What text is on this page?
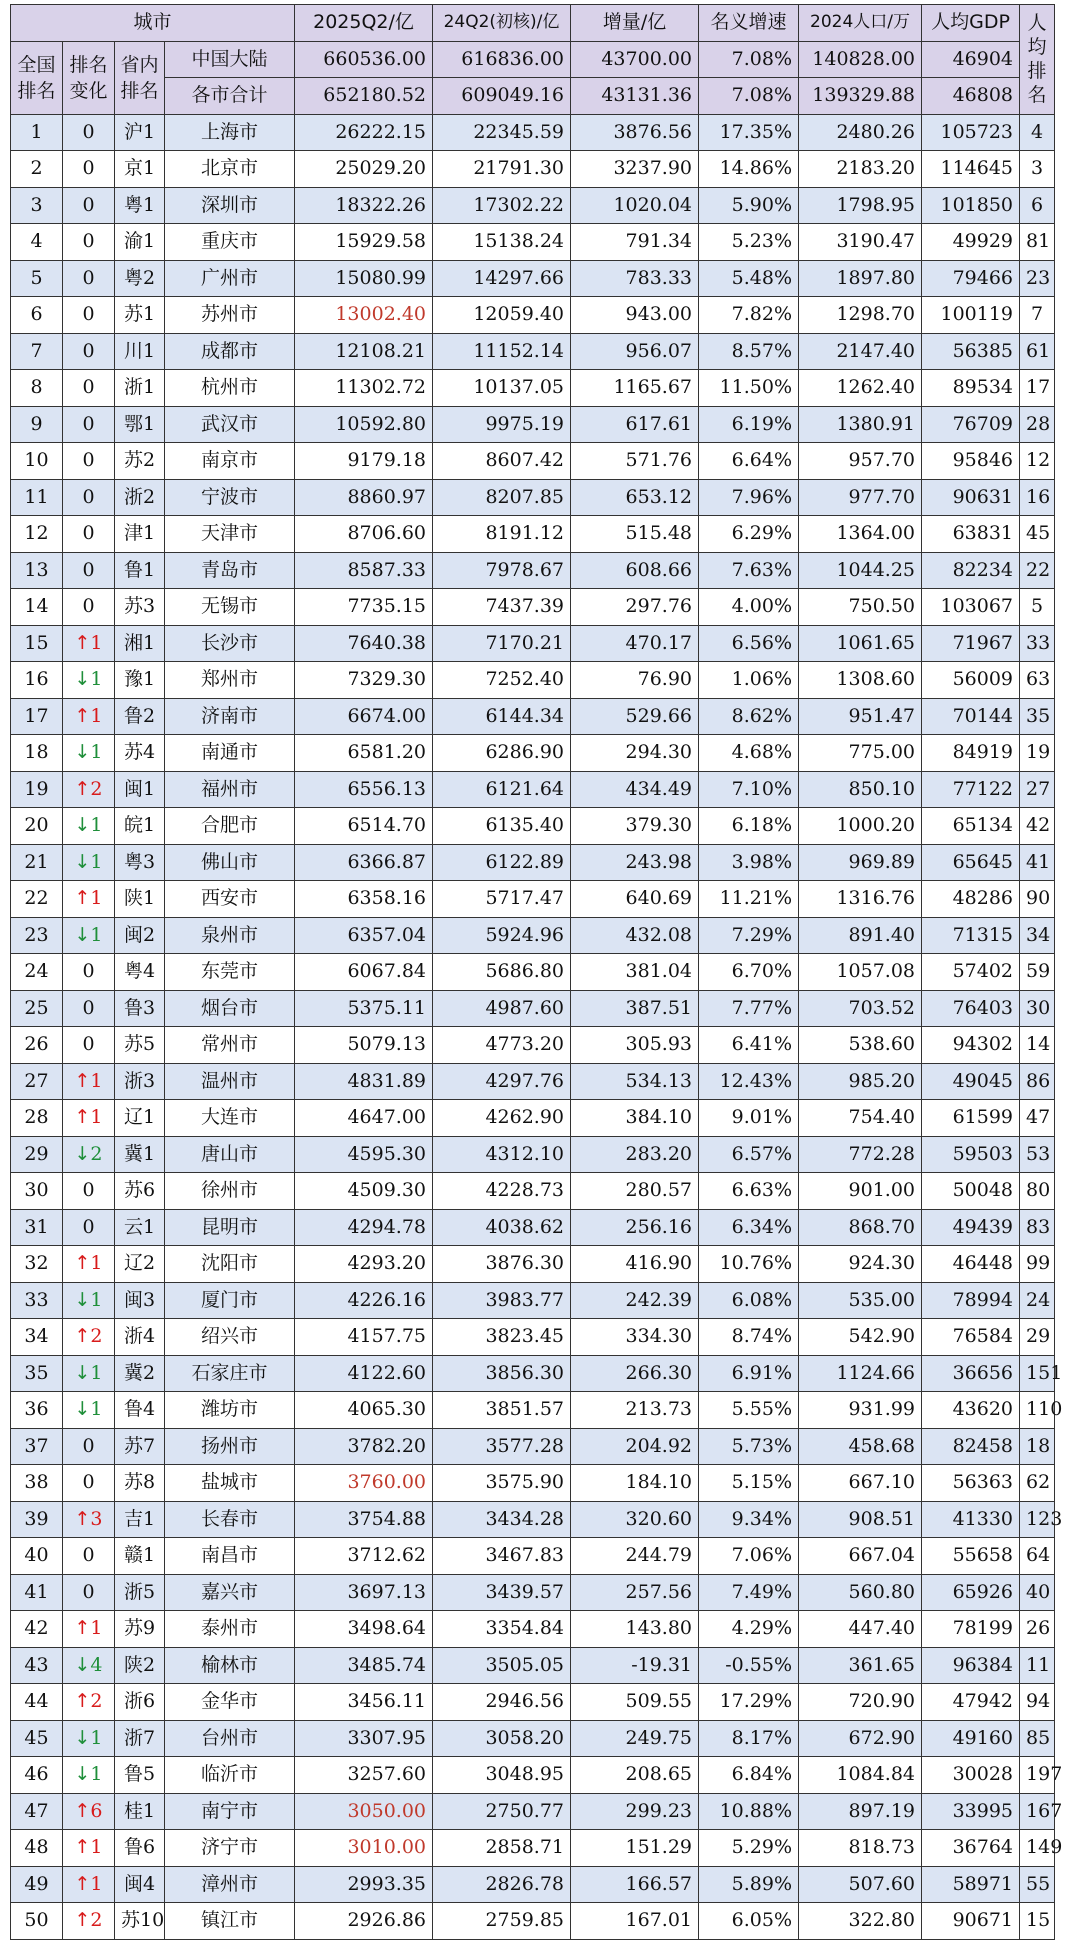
城市				2025Q2/亿	24Q2(初核)/亿	增量/亿	名义增速	2024人口/万	人均GDP	人均排名
全国排名	排名变化	省内排名	中国大陆	660536.00	616836.00	43700.00	7.08%	140828.00	46904	
			各市合计	652180.52	609049.16	43131.36	7.08%	139329.88	46808	
1	0	沪1	上海市	26222.15	22345.59	3876.56	17.35%	2480.26	105723	4
2	0	京1	北京市	25029.20	21791.30	3237.90	14.86%	2183.20	114645	3
3	0	粤1	深圳市	18322.26	17302.22	1020.04	5.90%	1798.95	101850	6
4	0	渝1	重庆市	15929.58	15138.24	791.34	5.23%	3190.47	49929	81
5	0	粤2	广州市	15080.99	14297.66	783.33	5.48%	1897.80	79466	23
6	0	苏1	苏州市	13002.40	12059.40	943.00	7.82%	1298.70	100119	7
7	0	川1	成都市	12108.21	11152.14	956.07	8.57%	2147.40	56385	61
8	0	浙1	杭州市	11302.72	10137.05	1165.67	11.50%	1262.40	89534	17
9	0	鄂1	武汉市	10592.80	9975.19	617.61	6.19%	1380.91	76709	28
10	0	苏2	南京市	9179.18	8607.42	571.76	6.64%	957.70	95846	12
11	0	浙2	宁波市	8860.97	8207.85	653.12	7.96%	977.70	90631	16
12	0	津1	天津市	8706.60	8191.12	515.48	6.29%	1364.00	63831	45
13	0	鲁1	青岛市	8587.33	7978.67	608.66	7.63%	1044.25	82234	22
14	0	苏3	无锡市	7735.15	7437.39	297.76	4.00%	750.50	103067	5
15	↑1	湘1	长沙市	7640.38	7170.21	470.17	6.56%	1061.65	71967	33
16	↓1	豫1	郑州市	7329.30	7252.40	76.90	1.06%	1308.60	56009	63
17	↑1	鲁2	济南市	6674.00	6144.34	529.66	8.62%	951.47	70144	35
18	↓1	苏4	南通市	6581.20	6286.90	294.30	4.68%	775.00	84919	19
19	↑2	闽1	福州市	6556.13	6121.64	434.49	7.10%	850.10	77122	27
20	↓1	皖1	合肥市	6514.70	6135.40	379.30	6.18%	1000.20	65134	42
21	↓1	粤3	佛山市	6366.87	6122.89	243.98	3.98%	969.89	65645	41
22	↑1	陕1	西安市	6358.16	5717.47	640.69	11.21%	1316.76	48286	90
23	↓1	闽2	泉州市	6357.04	5924.96	432.08	7.29%	891.40	71315	34
24	0	粤4	东莞市	6067.84	5686.80	381.04	6.70%	1057.08	57402	59
25	0	鲁3	烟台市	5375.11	4987.60	387.51	7.77%	703.52	76403	30
26	0	苏5	常州市	5079.13	4773.20	305.93	6.41%	538.60	94302	14
27	↑1	浙3	温州市	4831.89	4297.76	534.13	12.43%	985.20	49045	86
28	↑1	辽1	大连市	4647.00	4262.90	384.10	9.01%	754.40	61599	47
29	↓2	冀1	唐山市	4595.30	4312.10	283.20	6.57%	772.28	59503	53
30	0	苏6	徐州市	4509.30	4228.73	280.57	6.63%	901.00	50048	80
31	0	云1	昆明市	4294.78	4038.62	256.16	6.34%	868.70	49439	83
32	↑1	辽2	沈阳市	4293.20	3876.30	416.90	10.76%	924.30	46448	99
33	↓1	闽3	厦门市	4226.16	3983.77	242.39	6.08%	535.00	78994	24
34	↑2	浙4	绍兴市	4157.75	3823.45	334.30	8.74%	542.90	76584	29
35	↓1	冀2	石家庄市	4122.60	3856.30	266.30	6.91%	1124.66	36656	151
36	↓1	鲁4	潍坊市	4065.30	3851.57	213.73	5.55%	931.99	43620	110
37	0	苏7	扬州市	3782.20	3577.28	204.92	5.73%	458.68	82458	18
38	0	苏8	盐城市	3760.00	3575.90	184.10	5.15%	667.10	56363	62
39	↑3	吉1	长春市	3754.88	3434.28	320.60	9.34%	908.51	41330	123
40	0	赣1	南昌市	3712.62	3467.83	244.79	7.06%	667.04	55658	64
41	0	浙5	嘉兴市	3697.13	3439.57	257.56	7.49%	560.80	65926	40
42	↑1	苏9	泰州市	3498.64	3354.84	143.80	4.29%	447.40	78199	26
43	↓4	陕2	榆林市	3485.74	3505.05	-19.31	-0.55%	361.65	96384	11
44	↑2	浙6	金华市	3456.11	2946.56	509.55	17.29%	720.90	47942	94
45	↓1	浙7	台州市	3307.95	3058.20	249.75	8.17%	672.90	49160	85
46	↓1	鲁5	临沂市	3257.60	3048.95	208.65	6.84%	1084.84	30028	197
47	↑6	桂1	南宁市	3050.00	2750.77	299.23	10.88%	897.19	33995	167
48	↑1	鲁6	济宁市	3010.00	2858.71	151.29	5.29%	818.73	36764	149
49	↑1	闽4	漳州市	2993.35	2826.78	166.57	5.89%	507.60	58971	55
50	↑2	苏10	镇江市	2926.86	2759.85	167.01	6.05%	322.80	90671	15
